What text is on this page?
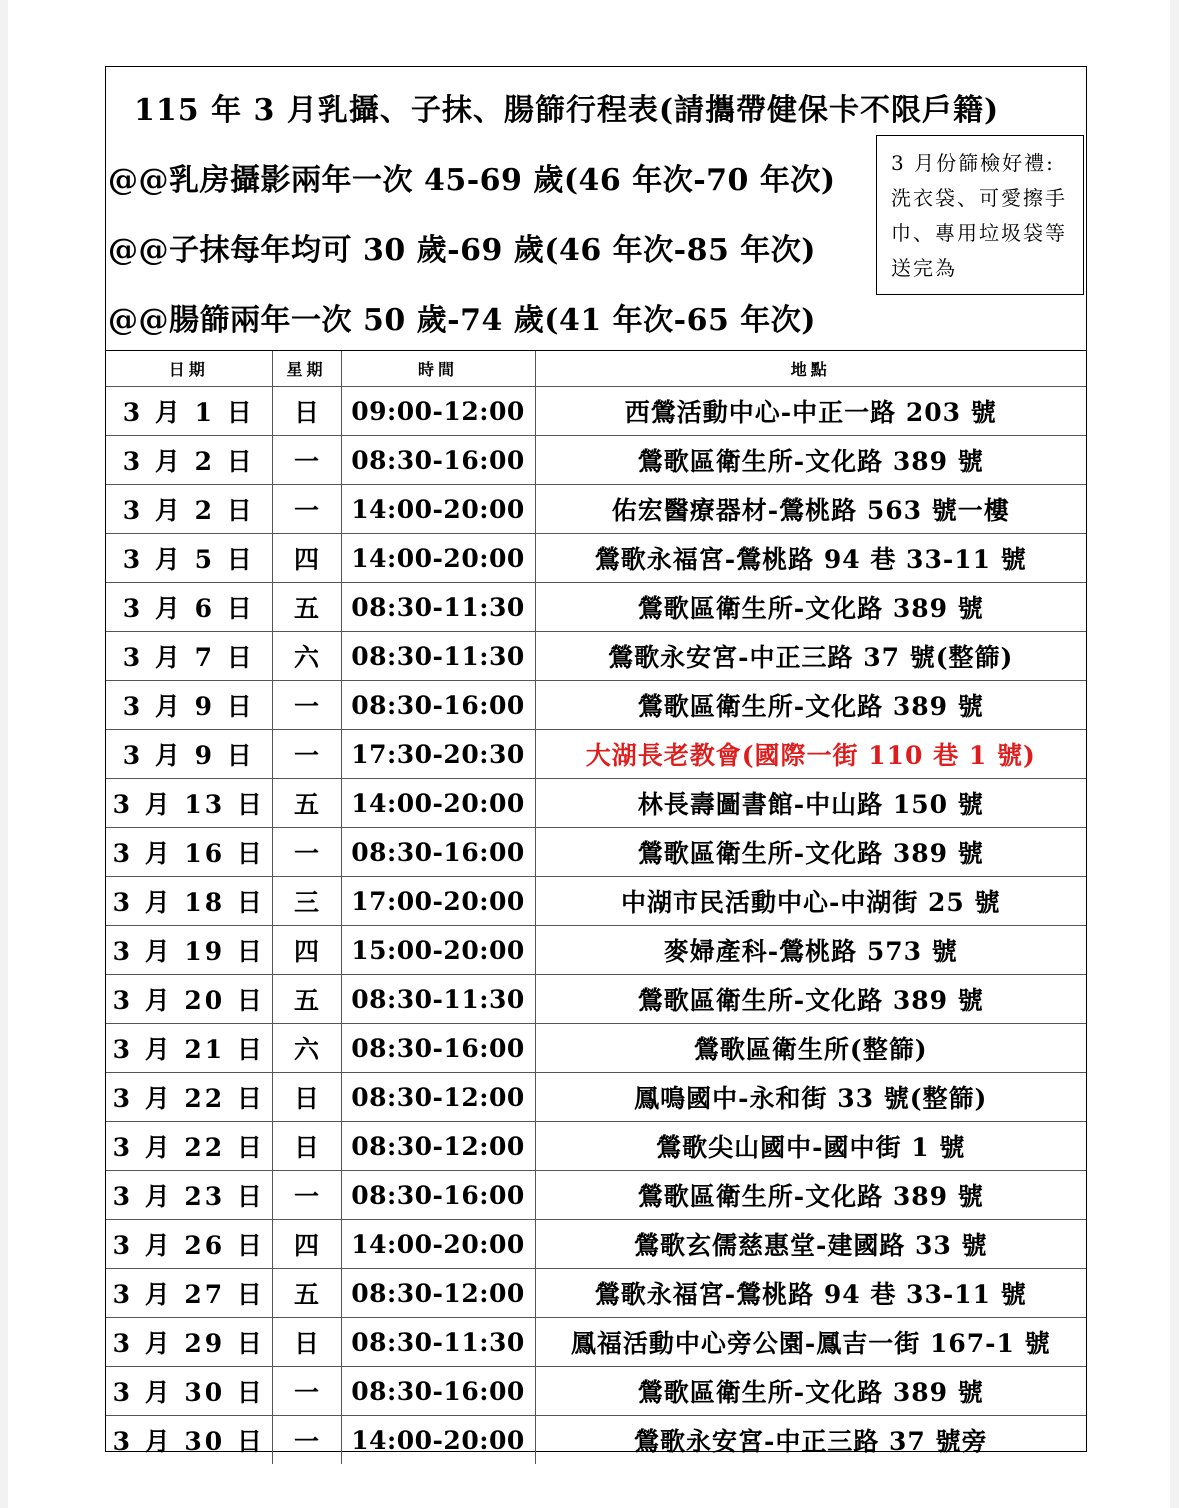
115 年 3 月乳攝、子抹、腸篩行程表(請攜帶健保卡不限戶籍)
@@乳房攝影兩年一次 45-69 歲(46 年次-70 年次)
@@子抹每年均可 30 歲-69 歲(46 年次-85 年次)
@@腸篩兩年一次 50 歲-74 歲(41 年次-65 年次)
3 月份篩檢好禮:洗衣袋、可愛擦手巾、專用垃圾袋等送完為
日期	星期	時間	地點
3 月 1 日	日	09:00-12:00	西鶯活動中心-中正一路 203 號
3 月 2 日	一	08:30-16:00	鶯歌區衛生所-文化路 389 號
3 月 2 日	一	14:00-20:00	佑宏醫療器材-鶯桃路 563 號一樓
3 月 5 日	四	14:00-20:00	鶯歌永福宮-鶯桃路 94 巷 33-11 號
3 月 6 日	五	08:30-11:30	鶯歌區衛生所-文化路 389 號
3 月 7 日	六	08:30-11:30	鶯歌永安宮-中正三路 37 號(整篩)
3 月 9 日	一	08:30-16:00	鶯歌區衛生所-文化路 389 號
3 月 9 日	一	17:30-20:30	大湖長老教會(國際一街 110 巷 1 號)
3 月 13 日	五	14:00-20:00	林長壽圖書館-中山路 150 號
3 月 16 日	一	08:30-16:00	鶯歌區衛生所-文化路 389 號
3 月 18 日	三	17:00-20:00	中湖市民活動中心-中湖街 25 號
3 月 19 日	四	15:00-20:00	麥婦產科-鶯桃路 573 號
3 月 20 日	五	08:30-11:30	鶯歌區衛生所-文化路 389 號
3 月 21 日	六	08:30-16:00	鶯歌區衛生所(整篩)
3 月 22 日	日	08:30-12:00	鳳鳴國中-永和街 33 號(整篩)
3 月 22 日	日	08:30-12:00	鶯歌尖山國中-國中街 1 號
3 月 23 日	一	08:30-16:00	鶯歌區衛生所-文化路 389 號
3 月 26 日	四	14:00-20:00	鶯歌玄儒慈惠堂-建國路 33 號
3 月 27 日	五	08:30-12:00	鶯歌永福宮-鶯桃路 94 巷 33-11 號
3 月 29 日	日	08:30-11:30	鳳福活動中心旁公園-鳳吉一街 167-1 號
3 月 30 日	一	08:30-16:00	鶯歌區衛生所-文化路 389 號
3 月 30 日	一	14:00-20:00	鶯歌永安宮-中正三路 37 號旁
